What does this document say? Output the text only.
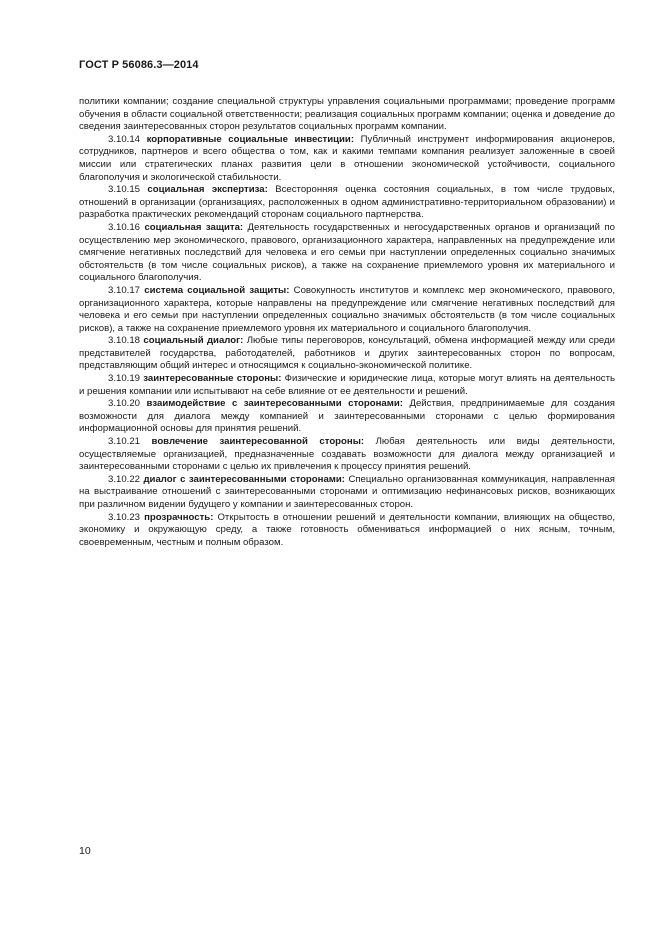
ГОСТ Р 56086.3—2014

политики компании; создание специальной структуры управления социальными программами; проведение программ обучения в области социальной ответственности; реализация социальных программ компании; оценка и доведение до сведения заинтересованных сторон результатов социальных программ компании.

3.10.14 корпоративные социальные инвестиции: Публичный инструмент информирования акционеров, сотрудников, партнеров и всего общества о том, как и какими темпами компания реализует заложенные в своей миссии или стратегических планах развития цели в отношении экономической устойчивости, социального благополучия и экологической стабильности.

3.10.15 социальная экспертиза: Всесторонняя оценка состояния социальных, в том числе трудовых, отношений в организации (организациях, расположенных в одном административно-территориальном образовании) и разработка практических рекомендаций сторонам социального партнерства.

3.10.16 социальная защита: Деятельность государственных и негосударственных органов и организаций по осуществлению мер экономического, правового, организационного характера, направленных на предупреждение или смягчение негативных последствий для человека и его семьи при наступлении определенных социально значимых обстоятельств (в том числе социальных рисков), а также на сохранение приемлемого уровня их материального и социального благополучия.

3.10.17 система социальной защиты: Совокупность институтов и комплекс мер экономического, правового, организационного характера, которые направлены на предупреждение или смягчение негативных последствий для человека и его семьи при наступлении определенных социально значимых обстоятельств (в том числе социальных рисков), а также на сохранение приемлемого уровня их материального и социального благополучия.

3.10.18 социальный диалог: Любые типы переговоров, консультаций, обмена информацией между или среди представителей государства, работодателей, работников и других заинтересованных сторон по вопросам, представляющим общий интерес и относящимся к социально-экономической политике.

3.10.19 заинтересованные стороны: Физические и юридические лица, которые могут влиять на деятельность и решения компании или испытывают на себе влияние от ее деятельности и решений.

3.10.20 взаимодействие с заинтересованными сторонами: Действия, предпринимаемые для создания возможности для диалога между компанией и заинтересованными сторонами с целью формирования информационной основы для принятия решений.

3.10.21 вовлечение заинтересованной стороны: Любая деятельность или виды деятельности, осуществляемые организацией, предназначенные создавать возможности для диалога между организацией и заинтересованными сторонами с целью их привлечения к процессу принятия решений.

3.10.22 диалог с заинтересованными сторонами: Специально организованная коммуникация, направленная на выстраивание отношений с заинтересованными сторонами и оптимизацию нефинансовых рисков, возникающих при различном видении будущего у компании и заинтересованных сторон.

3.10.23 прозрачность: Открытость в отношении решений и деятельности компании, влияющих на общество, экономику и окружающую среду, а также готовность обмениваться информацией о них ясным, точным, своевременным, честным и полным образом.

10
